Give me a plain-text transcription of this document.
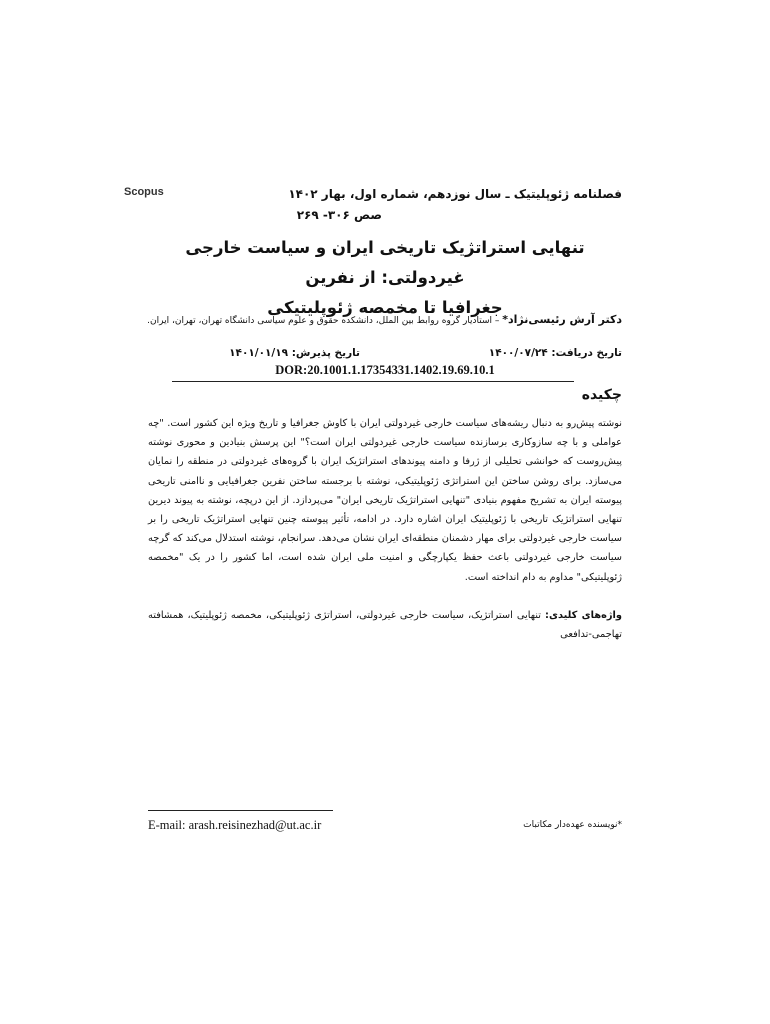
فصلنامه ژئوپلیتیک ـ سال نوزدهم، شماره اول، بهار ۱۴۰۲
Scopus
صص ۳۰۶- ۲۶۹
تنهایی استراتژیک تاریخی ایران و سیاست خارجی غیردولتی: از نفرین
جغرافیا تا مخمصه ژئوپلیتیکی
دکتر آرش رئیسی‌نژاد* – استادیار گروه روابط بین الملل، دانشکده حقوق و علوم سیاسی دانشگاه تهران، تهران، ایران.
تاریخ دریافت: ۱۴۰۰/۰۷/۲۴
تاریخ پذیرش: ۱۴۰۱/۰۱/۱۹
DOR:20.1001.1.17354331.1402.19.69.10.1
چکیده
نوشته پیش‌رو به دنبال ریشه‌های سیاست خارجی غیردولتی ایران با کاوش جغرافیا و تاریخ ویژه این کشور است. "چه عواملی و با چه سازوکاری برسازنده سیاست خارجی غیردولتی ایران است؟" این پرسش بنیادین و محوری نوشته پیش‌روست که خوانشی تحلیلی از ژرفا و دامنه پیوندهای استراتژیک ایران با گروه‌های غیردولتی در منطقه را نمایان می‌سازد. برای روشن ساختن این استراتژی ژئوپلیتیکی، نوشته با برجسته ساختن نفرین جغرافیایی و ناامنی تاریخی پیوسته ایران به تشریح مفهوم بنیادی "تنهایی استراتژیک تاریخی ایران" می‌پردازد. از این درپچه، نوشته به پیوند دیرین تنهایی استراتژیک تاریخی با ژئوپلیتیک ایران اشاره دارد. در ادامه، تأثیر پیوسته چنین تنهایی استراتژیک تاریخی را بر سیاست خارجی غیردولتی برای مهار دشمنان منطقه‌ای ایران نشان می‌دهد. سرانجام، نوشته استدلال می‌کند که گرچه سیاست خارجی غیردولتی باعث حفظ یکپارچگی و امنیت ملی ایران شده است، اما کشور را در یک "مخمصه ژئوپلیتیکی" مداوم به دام انداخته است.
واژه‌های کلیدی: تنهایی استراتژیک، سیاست خارجی غیردولتی، استراتژی ژئوپلیتیکی، مخمصه ژئوپلیتیک، همشافته تهاجمی-تدافعی
E-mail: arash.reisinezhad@ut.ac.ir	*نویسنده عهده‌دار مکاتبات
